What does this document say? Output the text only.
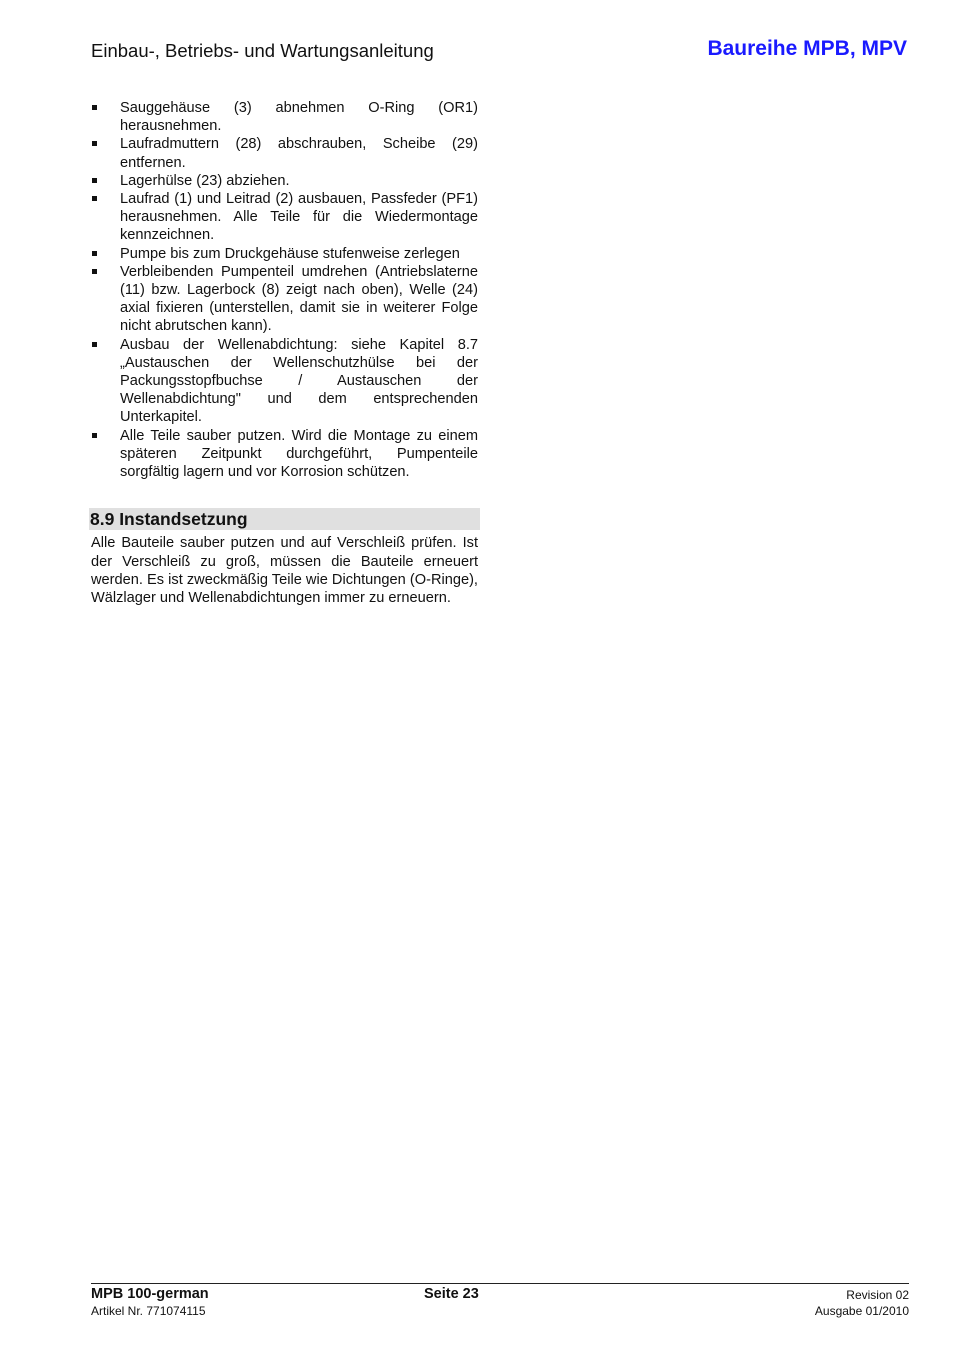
Einbau-, Betriebs- und Wartungsanleitung	Baureihe MPB, MPV
Sauggehäuse (3) abnehmen O-Ring (OR1) herausnehmen.
Laufradmuttern (28) abschrauben, Scheibe (29) entfernen.
Lagerhülse (23) abziehen.
Laufrad (1) und Leitrad (2) ausbauen, Passfeder (PF1) herausnehmen. Alle Teile für die Wiedermontage kennzeichnen.
Pumpe bis zum Druckgehäuse stufenweise zerlegen
Verbleibenden Pumpenteil umdrehen (Antriebslaterne (11) bzw. Lagerbock (8) zeigt nach oben), Welle (24) axial fixieren (unterstellen, damit sie in weiterer Folge nicht abrutschen kann).
Ausbau der Wellenabdichtung: siehe Kapitel 8.7 „Austauschen der Wellenschutzhülse bei der Packungsstopfbuchse / Austauschen der Wellenabdichtung" und dem entsprechenden Unterkapitel.
Alle Teile sauber putzen. Wird die Montage zu einem späteren Zeitpunkt durchgeführt, Pumpenteile sorgfältig lagern und vor Korrosion schützen.
8.9 Instandsetzung
Alle Bauteile sauber putzen und auf Verschleiß prüfen. Ist der Verschleiß zu groß, müssen die Bauteile erneuert werden. Es ist zweckmäßig Teile wie Dichtungen (O-Ringe), Wälzlager und Wellenabdichtungen immer zu erneuern.
MPB 100-german
Artikel Nr. 771074115
Seite 23	Revision 02
Ausgabe 01/2010
